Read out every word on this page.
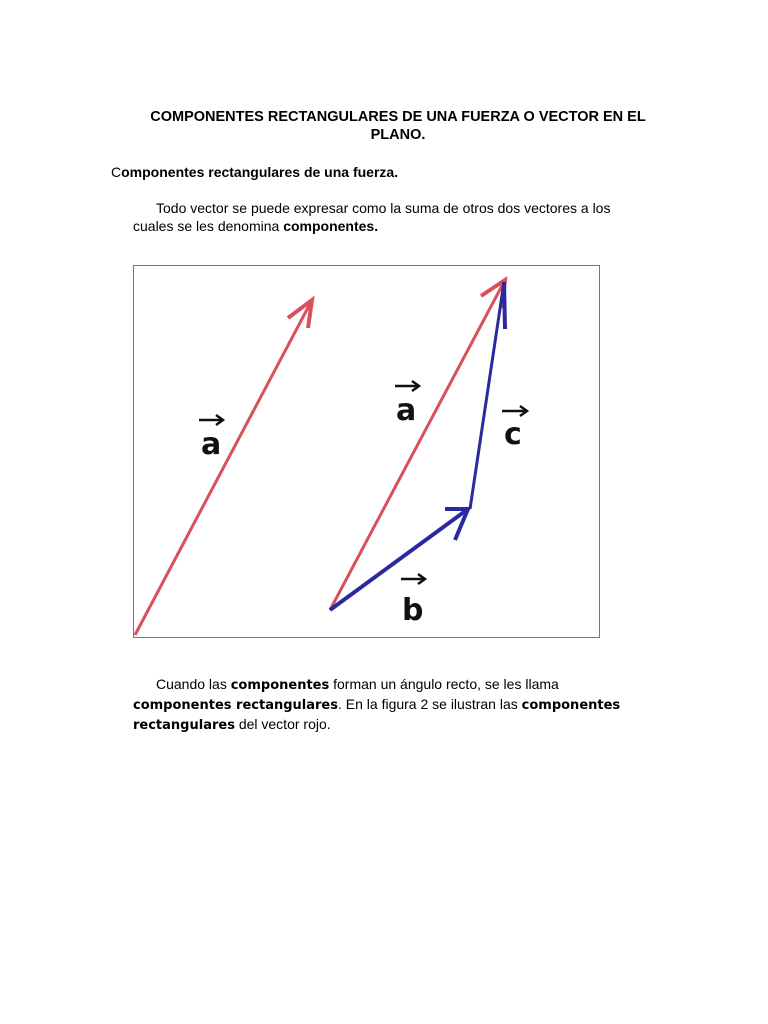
COMPONENTES RECTANGULARES DE UNA FUERZA O VECTOR EN EL PLANO.
Componentes rectangulares de una fuerza.
Todo vector se puede expresar como la suma de otros dos vectores a los cuales se les denomina componentes.
a
a
c
b
Cuando las componentes forman un ángulo recto, se les llama componentes rectangulares. En la figura 2 se ilustran las componentes rectangulares del vector rojo.
